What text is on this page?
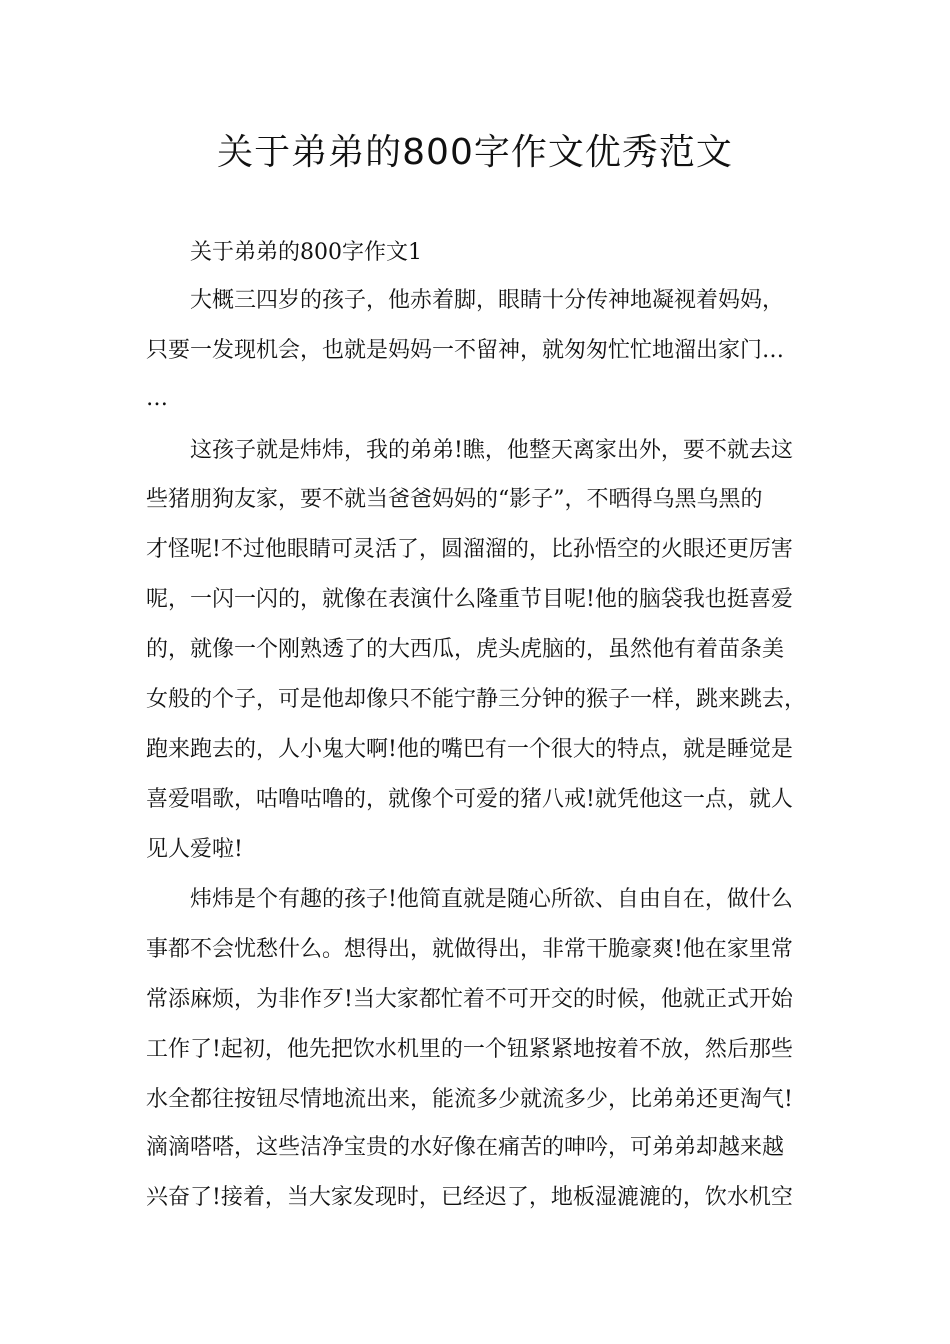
关于弟弟的800字作文优秀范文

关于弟弟的800字作文1

大概三四岁的孩子，他赤着脚，眼睛十分传神地凝视着妈妈，

只要一发现机会，也就是妈妈一不留神，就匆匆忙忙地溜出家门…

…

这孩子就是炜炜，我的弟弟!瞧，他整天离家出外，要不就去这

些猪朋狗友家，要不就当爸爸妈妈的“影子”，不晒得乌黑乌黑的

才怪呢!不过他眼睛可灵活了，圆溜溜的，比孙悟空的火眼还更厉害

呢，一闪一闪的，就像在表演什么隆重节目呢!他的脑袋我也挺喜爱

的，就像一个刚熟透了的大西瓜，虎头虎脑的，虽然他有着苗条美

女般的个子，可是他却像只不能宁静三分钟的猴子一样，跳来跳去，

跑来跑去的，人小鬼大啊!他的嘴巴有一个很大的特点，就是睡觉是

喜爱唱歌，咕噜咕噜的，就像个可爱的猪八戒!就凭他这一点，就人

见人爱啦!

炜炜是个有趣的孩子!他简直就是随心所欲、自由自在，做什么

事都不会忧愁什么。想得出，就做得出，非常干脆豪爽!他在家里常

常添麻烦，为非作歹!当大家都忙着不可开交的时候，他就正式开始

工作了!起初，他先把饮水机里的一个钮紧紧地按着不放，然后那些

水全都往按钮尽情地流出来，能流多少就流多少，比弟弟还更淘气!

滴滴嗒嗒，这些洁净宝贵的水好像在痛苦的呻吟，可弟弟却越来越

兴奋了!接着，当大家发现时，已经迟了，地板湿漉漉的，饮水机空
